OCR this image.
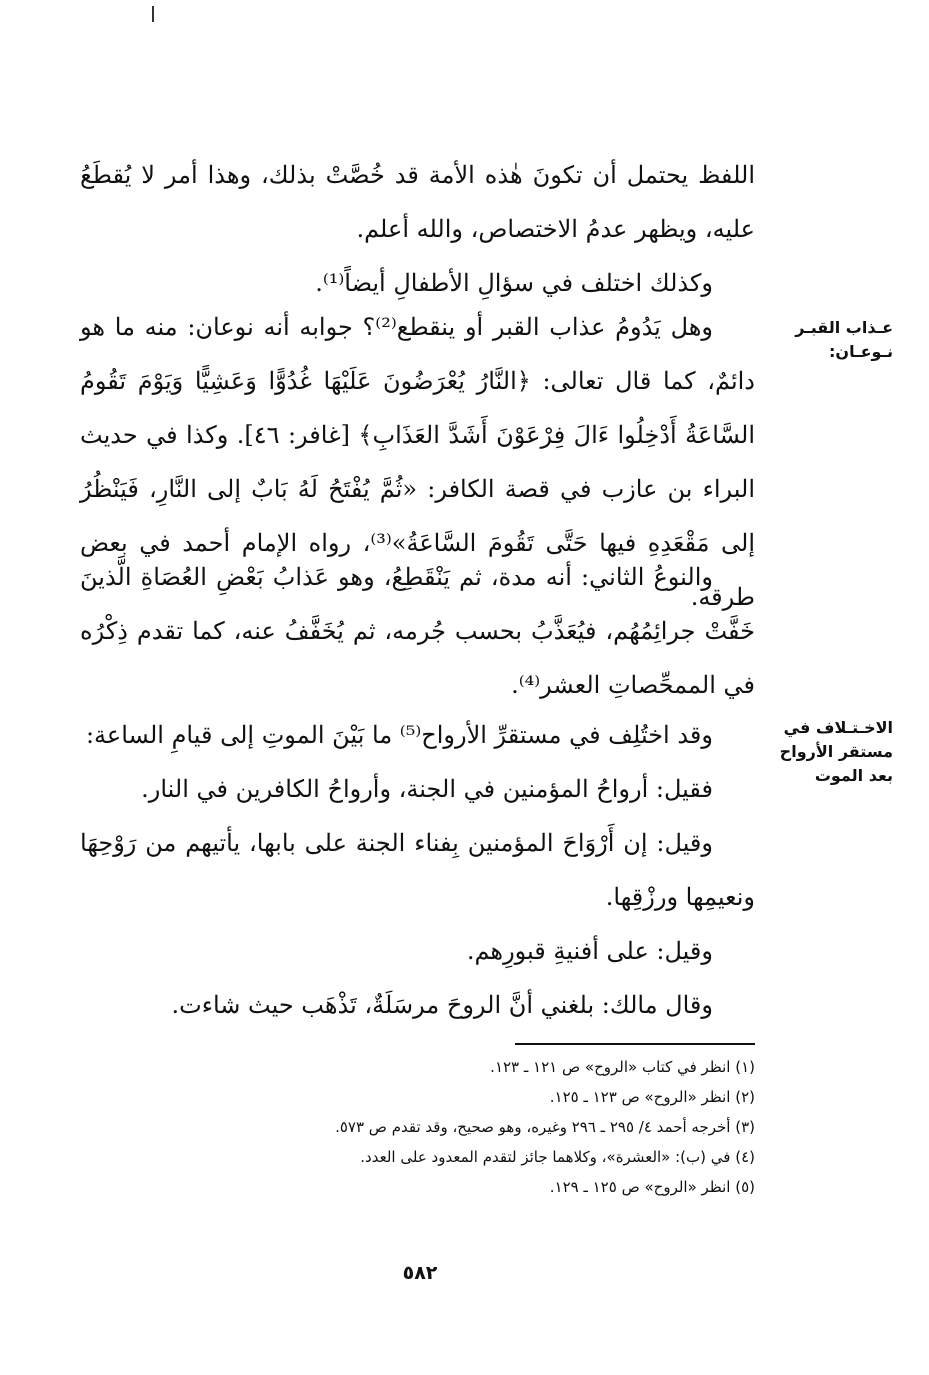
اللفظ يحتمل أن تكونَ هٰذه الأمة قد خُصَّتْ بذلك، وهذا أمر لا يُقطَعُ عليه، ويظهر عدمُ الاختصاص، والله أعلم.

وكذلك اختلف في سؤالِ الأطفالِ أيضاً⁽¹⁾.

وهل يَدُومُ عذاب القبر أو ينقطع⁽²⁾؟ جوابه أنه نوعان: منه ما هو دائمٌ، كما قال تعالى: ﴿النَّارُ يُعْرَضُونَ عَلَيْهَا غُدُوًّا وَعَشِيًّا وَيَوْمَ تَقُومُ السَّاعَةُ أَدْخِلُوا ءَالَ فِرْعَوْنَ أَشَدَّ العَذَابِ﴾ [غافر: ٤٦]. وكذا في حديث البراء بن عازب في قصة الكافر: «ثُمَّ يُفْتَحُ لَهُ بَابٌ إلى النَّارِ، فَيَنْظُرُ إلى مَقْعَدِهِ فيها حَتَّى تَقُومَ السَّاعَةُ»⁽³⁾، رواه الإمام أحمد في بعض طرقه.

والنوعُ الثاني: أنه مدة، ثم يَنْقَطِعُ، وهو عَذابُ بَعْضِ العُصَاةِ الَّذينَ خَفَّتْ جرائِمُهُم، فيُعَذَّبُ بحسب جُرمه، ثم يُخَفَّفُ عنه، كما تقدم ذِكْرُه في الممحِّصاتِ العشر⁽⁴⁾.

وقد اختُلِف في مستقرِّ الأرواح⁽⁵⁾ ما بَيْنَ الموتِ إلى قيامِ الساعة:

فقيل: أرواحُ المؤمنين في الجنة، وأرواحُ الكافرين في النار.

وقيل: إن أَرْوَاحَ المؤمنين بِفناء الجنة على بابها، يأتيهم من رَوْحِهَا ونعيمِها ورزْقِها.

وقيل: على أفنيةِ قبورِهم.

وقال مالك: بلغني أنَّ الروحَ مرسَلَةٌ، تَذْهَب حيث شاءت.

عـذاب القبـر نـوعـان:

الاخـتـلاف في مستقر الأرواح بعد الموت

(١) انظر في كتاب «الروح» ص ١٢١ ـ ١٢٣.

(٢) انظر «الروح» ص ١٢٣ ـ ١٢٥.

(٣) أخرجه أحمد ٤/ ٢٩٥ ـ ٢٩٦ وغيره، وهو صحيح، وقد تقدم ص ٥٧٣.

(٤) في (ب): «العشرة»، وكلاهما جائز لتقدم المعدود على العدد.

(٥) انظر «الروح» ص ١٢٥ ـ ١٢٩.

٥٨٢
